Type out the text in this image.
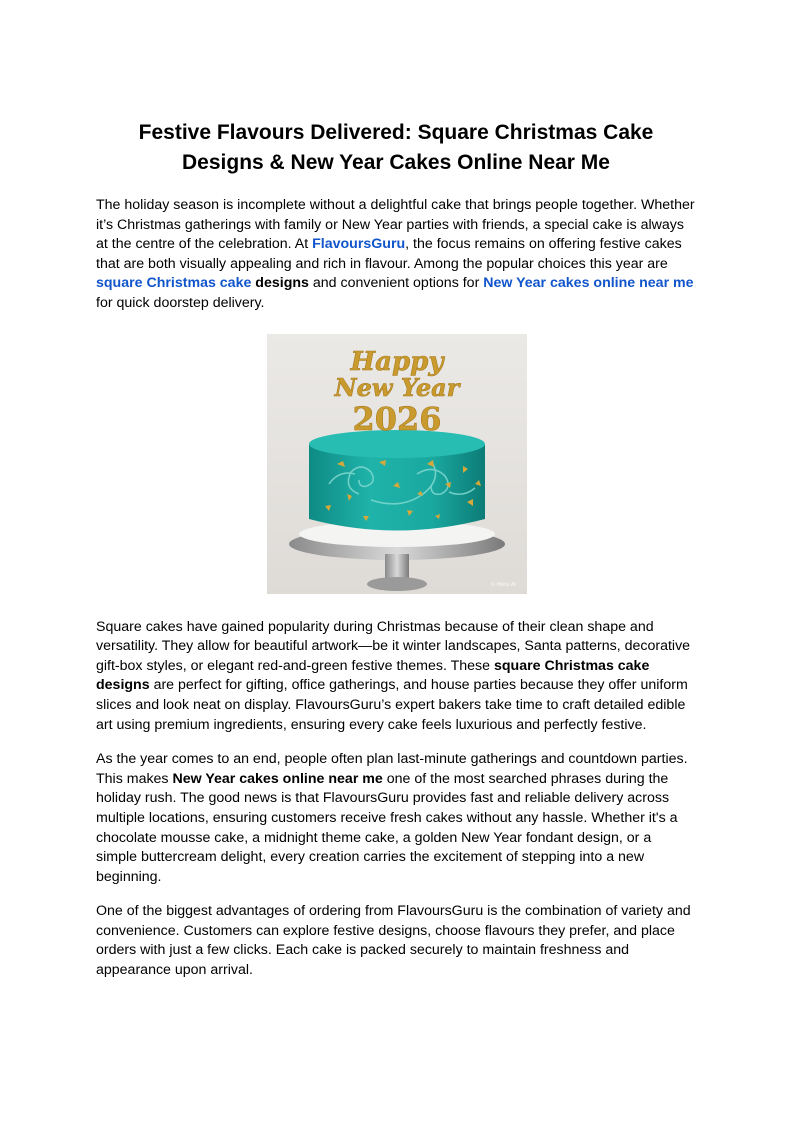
Festive Flavours Delivered: Square Christmas Cake Designs & New Year Cakes Online Near Me

The holiday season is incomplete without a delightful cake that brings people together. Whether it’s Christmas gatherings with family or New Year parties with friends, a special cake is always at the centre of the celebration. At FlavoursGuru, the focus remains on offering festive cakes that are both visually appealing and rich in flavour. Among the popular choices this year are square Christmas cake designs and convenient options for New Year cakes online near me for quick doorstep delivery.

Happy
New Year
2026
© Meta AI

Square cakes have gained popularity during Christmas because of their clean shape and versatility. They allow for beautiful artwork—be it winter landscapes, Santa patterns, decorative gift-box styles, or elegant red-and-green festive themes. These square Christmas cake designs are perfect for gifting, office gatherings, and house parties because they offer uniform slices and look neat on display. FlavoursGuru’s expert bakers take time to craft detailed edible art using premium ingredients, ensuring every cake feels luxurious and perfectly festive.

As the year comes to an end, people often plan last-minute gatherings and countdown parties. This makes New Year cakes online near me one of the most searched phrases during the holiday rush. The good news is that FlavoursGuru provides fast and reliable delivery across multiple locations, ensuring customers receive fresh cakes without any hassle. Whether it's a chocolate mousse cake, a midnight theme cake, a golden New Year fondant design, or a simple buttercream delight, every creation carries the excitement of stepping into a new beginning.

One of the biggest advantages of ordering from FlavoursGuru is the combination of variety and convenience. Customers can explore festive designs, choose flavours they prefer, and place orders with just a few clicks. Each cake is packed securely to maintain freshness and appearance upon arrival.
